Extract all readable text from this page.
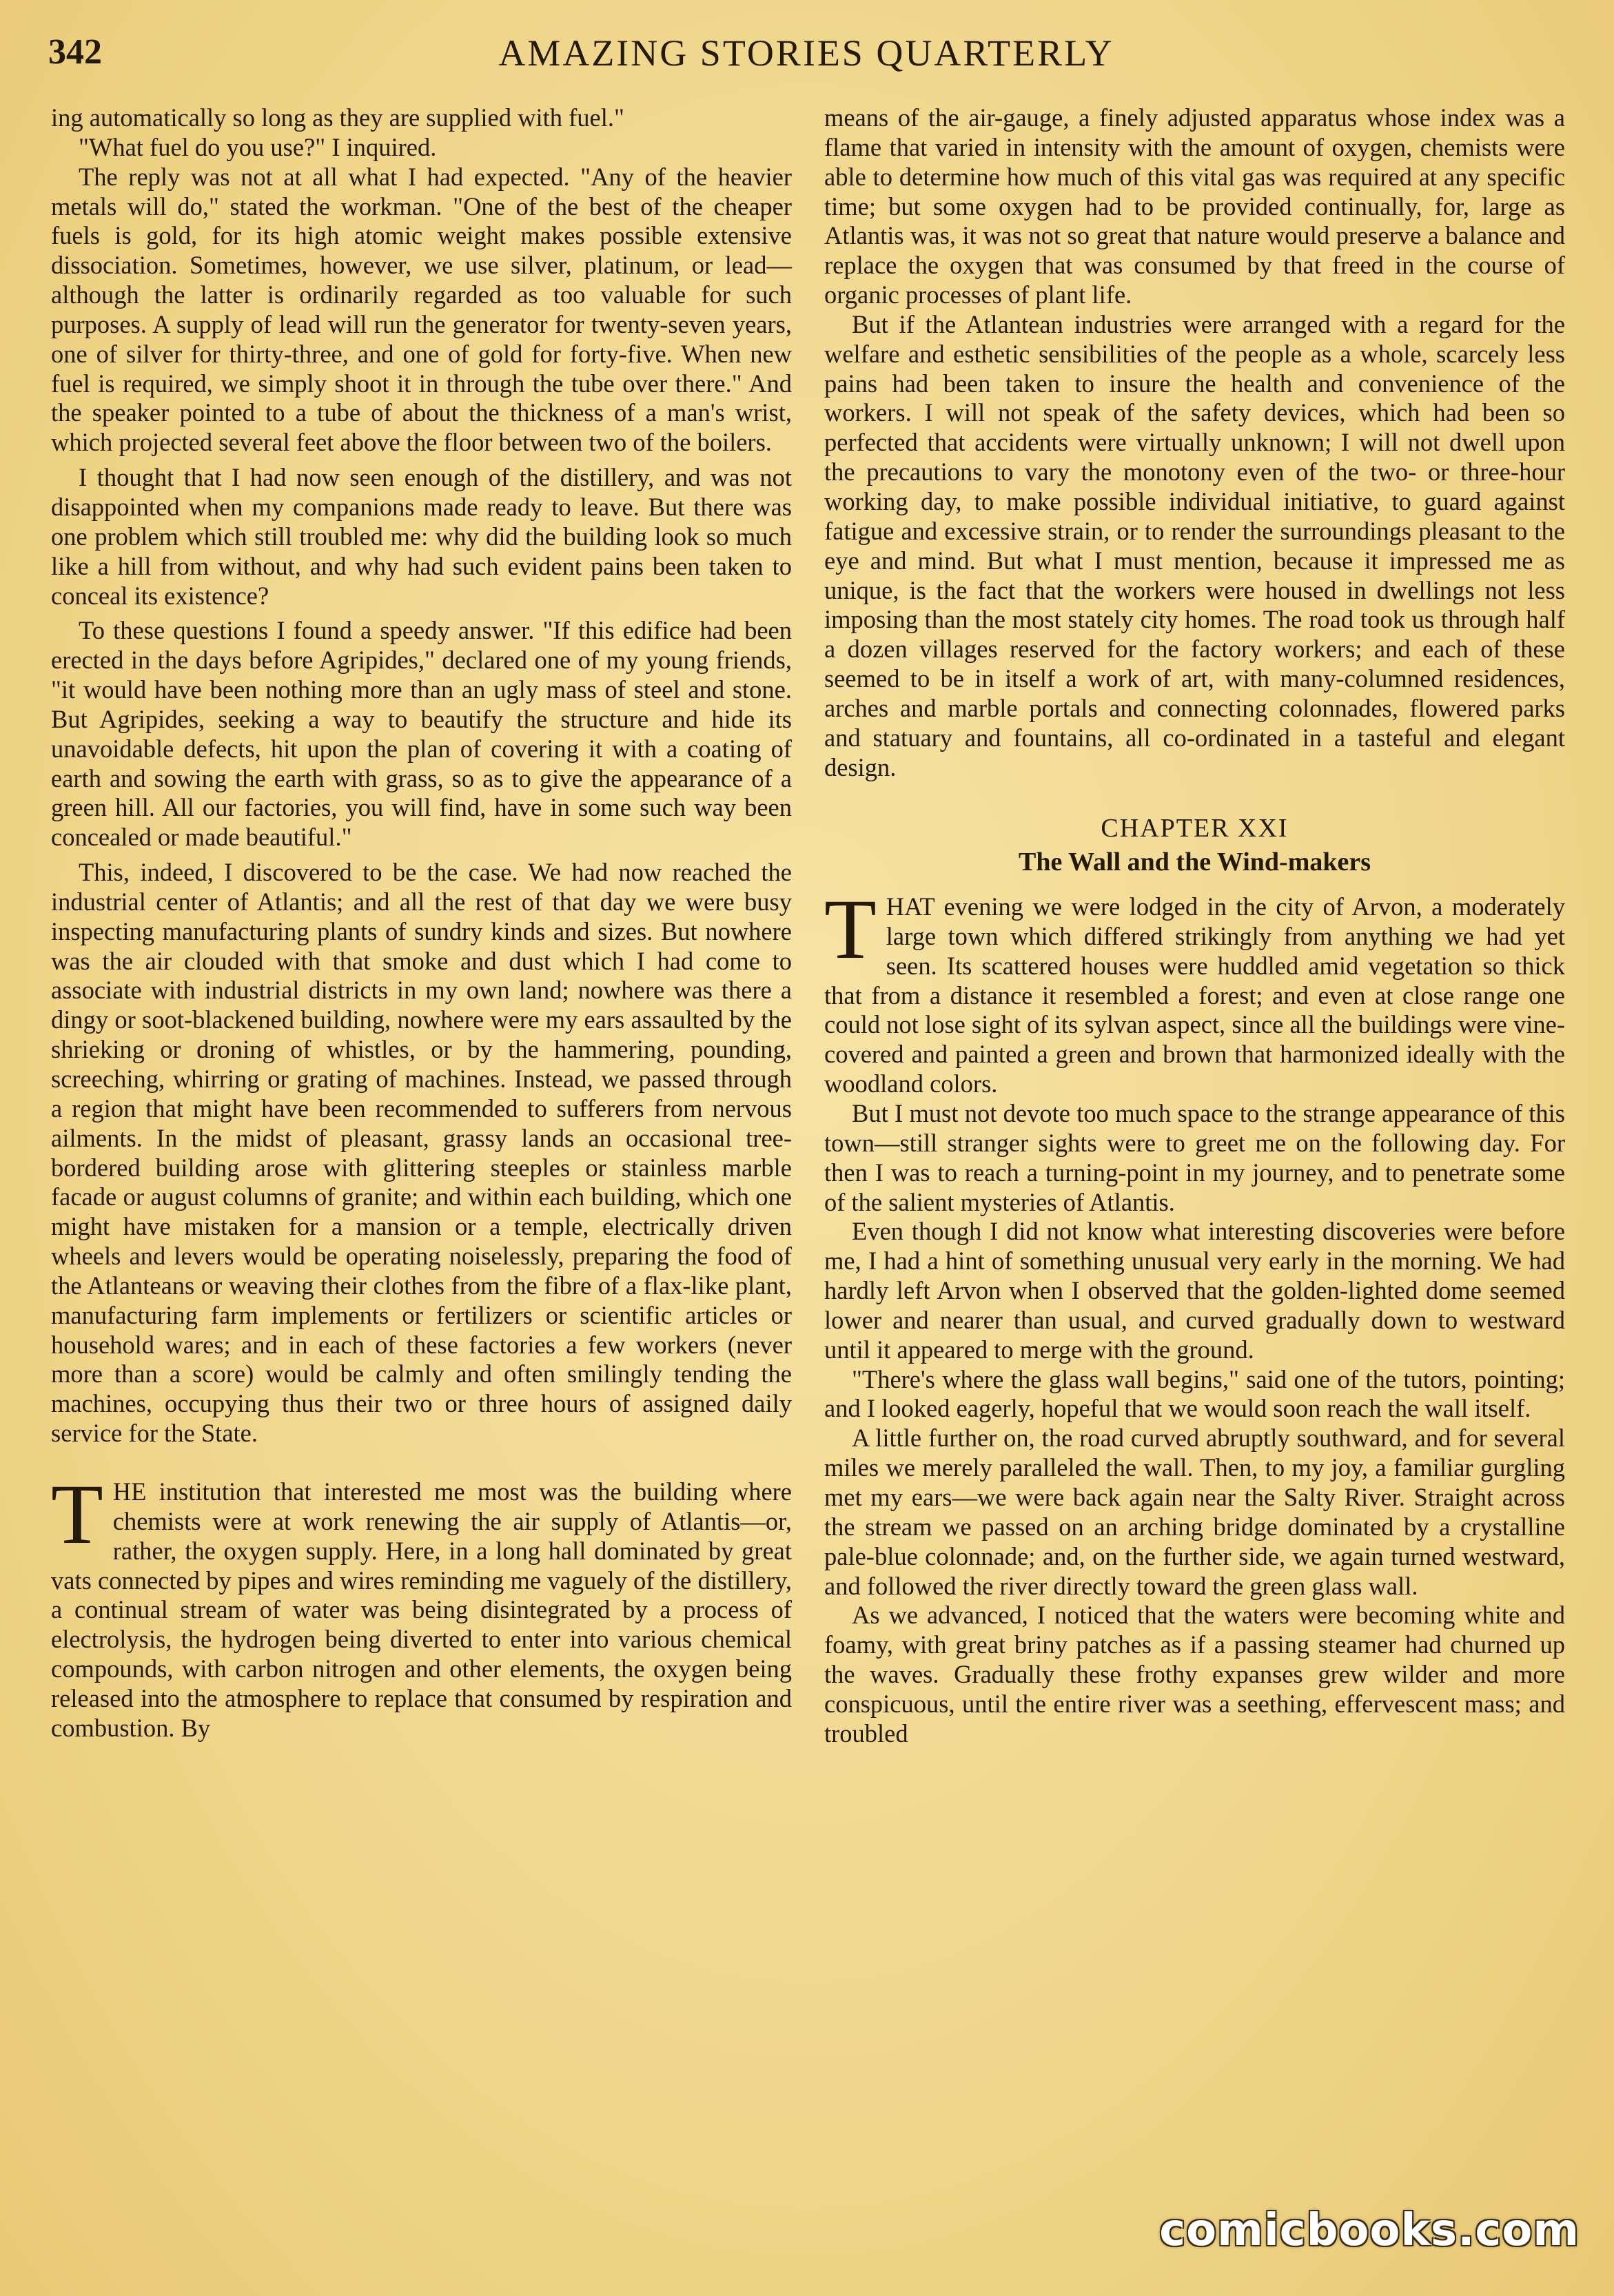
342	AMAZING STORIES QUARTERLY

ing automatically so long as they are supplied with fuel."

"What fuel do you use?" I inquired.

The reply was not at all what I had expected. "Any of the heavier metals will do," stated the workman. "One of the best of the cheaper fuels is gold, for its high atomic weight makes possible extensive dissociation. Sometimes, however, we use silver, platinum, or lead—although the latter is ordinarily regarded as too valuable for such purposes. A supply of lead will run the generator for twenty-seven years, one of silver for thirty-three, and one of gold for forty-five. When new fuel is required, we simply shoot it in through the tube over there." And the speaker pointed to a tube of about the thickness of a man's wrist, which projected several feet above the floor between two of the boilers.

I thought that I had now seen enough of the distillery, and was not disappointed when my companions made ready to leave. But there was one problem which still troubled me: why did the building look so much like a hill from without, and why had such evident pains been taken to conceal its existence?

To these questions I found a speedy answer. "If this edifice had been erected in the days before Agripides," declared one of my young friends, "it would have been nothing more than an ugly mass of steel and stone. But Agripides, seeking a way to beautify the structure and hide its unavoidable defects, hit upon the plan of covering it with a coating of earth and sowing the earth with grass, so as to give the appearance of a green hill. All our factories, you will find, have in some such way been concealed or made beautiful."

This, indeed, I discovered to be the case. We had now reached the industrial center of Atlantis; and all the rest of that day we were busy inspecting manufacturing plants of sundry kinds and sizes. But nowhere was the air clouded with that smoke and dust which I had come to associate with industrial districts in my own land; nowhere was there a dingy or soot-blackened building, nowhere were my ears assaulted by the shrieking or droning of whistles, or by the hammering, pounding, screeching, whirring or grating of machines. Instead, we passed through a region that might have been recommended to sufferers from nervous ailments. In the midst of pleasant, grassy lands an occasional tree-bordered building arose with glittering steeples or stainless marble facade or august columns of granite; and within each building, which one might have mistaken for a mansion or a temple, electrically driven wheels and levers would be operating noiselessly, preparing the food of the Atlanteans or weaving their clothes from the fibre of a flax-like plant, manufacturing farm implements or fertilizers or scientific articles or household wares; and in each of these factories a few workers (never more than a score) would be calmly and often smilingly tending the machines, occupying thus their two or three hours of assigned daily service for the State.

THE institution that interested me most was the building where chemists were at work renewing the air supply of Atlantis—or, rather, the oxygen supply. Here, in a long hall dominated by great vats connected by pipes and wires reminding me vaguely of the distillery, a continual stream of water was being disintegrated by a process of electrolysis, the hydrogen being diverted to enter into various chemical compounds, with carbon nitrogen and other elements, the oxygen being released into the atmosphere to replace that consumed by respiration and combustion. By

means of the air-gauge, a finely adjusted apparatus whose index was a flame that varied in intensity with the amount of oxygen, chemists were able to determine how much of this vital gas was required at any specific time; but some oxygen had to be provided continually, for, large as Atlantis was, it was not so great that nature would preserve a balance and replace the oxygen that was consumed by that freed in the course of organic processes of plant life.

But if the Atlantean industries were arranged with a regard for the welfare and esthetic sensibilities of the people as a whole, scarcely less pains had been taken to insure the health and convenience of the workers. I will not speak of the safety devices, which had been so perfected that accidents were virtually unknown; I will not dwell upon the precautions to vary the monotony even of the two- or three-hour working day, to make possible individual initiative, to guard against fatigue and excessive strain, or to render the surroundings pleasant to the eye and mind. But what I must mention, because it impressed me as unique, is the fact that the workers were housed in dwellings not less imposing than the most stately city homes. The road took us through half a dozen villages reserved for the factory workers; and each of these seemed to be in itself a work of art, with many-columned residences, arches and marble portals and connecting colonnades, flowered parks and statuary and fountains, all co-ordinated in a tasteful and elegant design.

CHAPTER XXI
The Wall and the Wind-makers

THAT evening we were lodged in the city of Arvon, a moderately large town which differed strikingly from anything we had yet seen. Its scattered houses were huddled amid vegetation so thick that from a distance it resembled a forest; and even at close range one could not lose sight of its sylvan aspect, since all the buildings were vine-covered and painted a green and brown that harmonized ideally with the woodland colors.

But I must not devote too much space to the strange appearance of this town—still stranger sights were to greet me on the following day. For then I was to reach a turning-point in my journey, and to penetrate some of the salient mysteries of Atlantis.

Even though I did not know what interesting discoveries were before me, I had a hint of something unusual very early in the morning. We had hardly left Arvon when I observed that the golden-lighted dome seemed lower and nearer than usual, and curved gradually down to westward until it appeared to merge with the ground.

"There's where the glass wall begins," said one of the tutors, pointing; and I looked eagerly, hopeful that we would soon reach the wall itself.

A little further on, the road curved abruptly southward, and for several miles we merely paralleled the wall. Then, to my joy, a familiar gurgling met my ears—we were back again near the Salty River. Straight across the stream we passed on an arching bridge dominated by a crystalline pale-blue colonnade; and, on the further side, we again turned westward, and followed the river directly toward the green glass wall.

As we advanced, I noticed that the waters were becoming white and foamy, with great briny patches as if a passing steamer had churned up the waves. Gradually these frothy expanses grew wilder and more conspicuous, until the entire river was a seething, effervescent mass; and troubled

comicbooks.com
